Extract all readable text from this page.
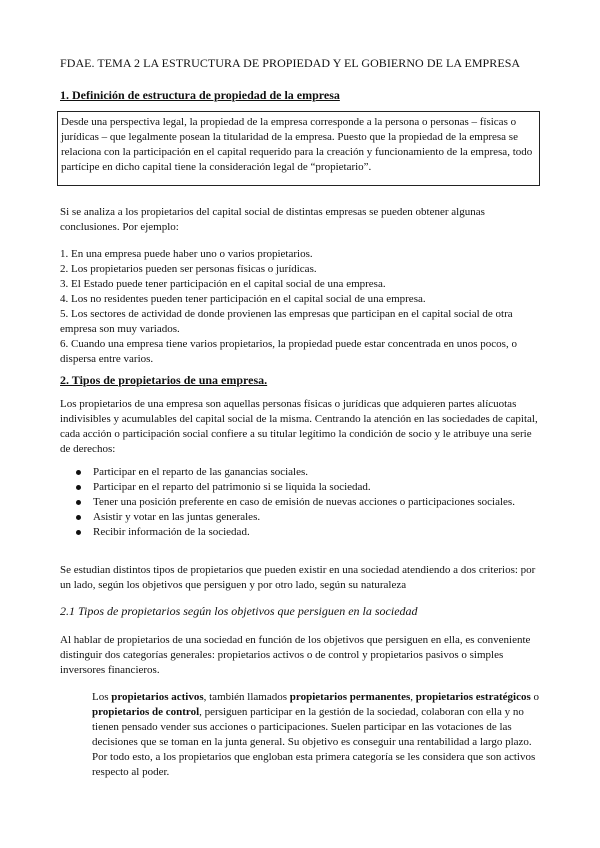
FDAE. TEMA 2 LA ESTRUCTURA DE PROPIEDAD Y EL GOBIERNO DE LA EMPRESA
1. Definición de estructura de propiedad de la empresa
Desde una perspectiva legal, la propiedad de la empresa corresponde a la persona o personas – físicas o jurídicas – que legalmente posean la titularidad de la empresa. Puesto que la propiedad de la empresa se relaciona con la participación en el capital requerido para la creación y funcionamiento de la empresa, todo partícipe en dicho capital tiene la consideración legal de “propietario”.
Si se analiza a los propietarios del capital social de distintas empresas se pueden obtener algunas conclusiones. Por ejemplo:
1. En una empresa puede haber uno o varios propietarios.
2. Los propietarios pueden ser personas físicas o jurídicas.
3. El Estado puede tener participación en el capital social de una empresa.
4. Los no residentes pueden tener participación en el capital social de una empresa.
5. Los sectores de actividad de donde provienen las empresas que participan en el capital social de otra empresa son muy variados.
6. Cuando una empresa tiene varios propietarios, la propiedad puede estar concentrada en unos pocos, o dispersa entre varios.
2. Tipos de propietarios de una empresa.
Los propietarios de una empresa son aquellas personas físicas o jurídicas que adquieren partes alícuotas indivisibles y acumulables del capital social de la misma. Centrando la atención en las sociedades de capital, cada acción o participación social confiere a su titular legítimo la condición de socio y le atribuye una serie de derechos:
Participar en el reparto de las ganancias sociales.
Participar en el reparto del patrimonio si se liquida la sociedad.
Tener una posición preferente en caso de emisión de nuevas acciones o participaciones sociales.
Asistir y votar en las juntas generales.
Recibir información de la sociedad.
Se estudian distintos tipos de propietarios que pueden existir en una sociedad atendiendo a dos criterios: por un lado, según los objetivos que persiguen y por otro lado, según su naturaleza
2.1 Tipos de propietarios según los objetivos que persiguen en la sociedad
Al hablar de propietarios de una sociedad en función de los objetivos que persiguen en ella, es conveniente distinguir dos categorías generales: propietarios activos o de control y propietarios pasivos o simples inversores financieros.
Los propietarios activos, también llamados propietarios permanentes, propietarios estratégicos o propietarios de control, persiguen participar en la gestión de la sociedad, colaboran con ella y no tienen pensado vender sus acciones o participaciones. Suelen participar en las votaciones de las decisiones que se toman en la junta general. Su objetivo es conseguir una rentabilidad a largo plazo. Por todo esto, a los propietarios que engloban esta primera categoría se les considera que son activos respecto al poder.
